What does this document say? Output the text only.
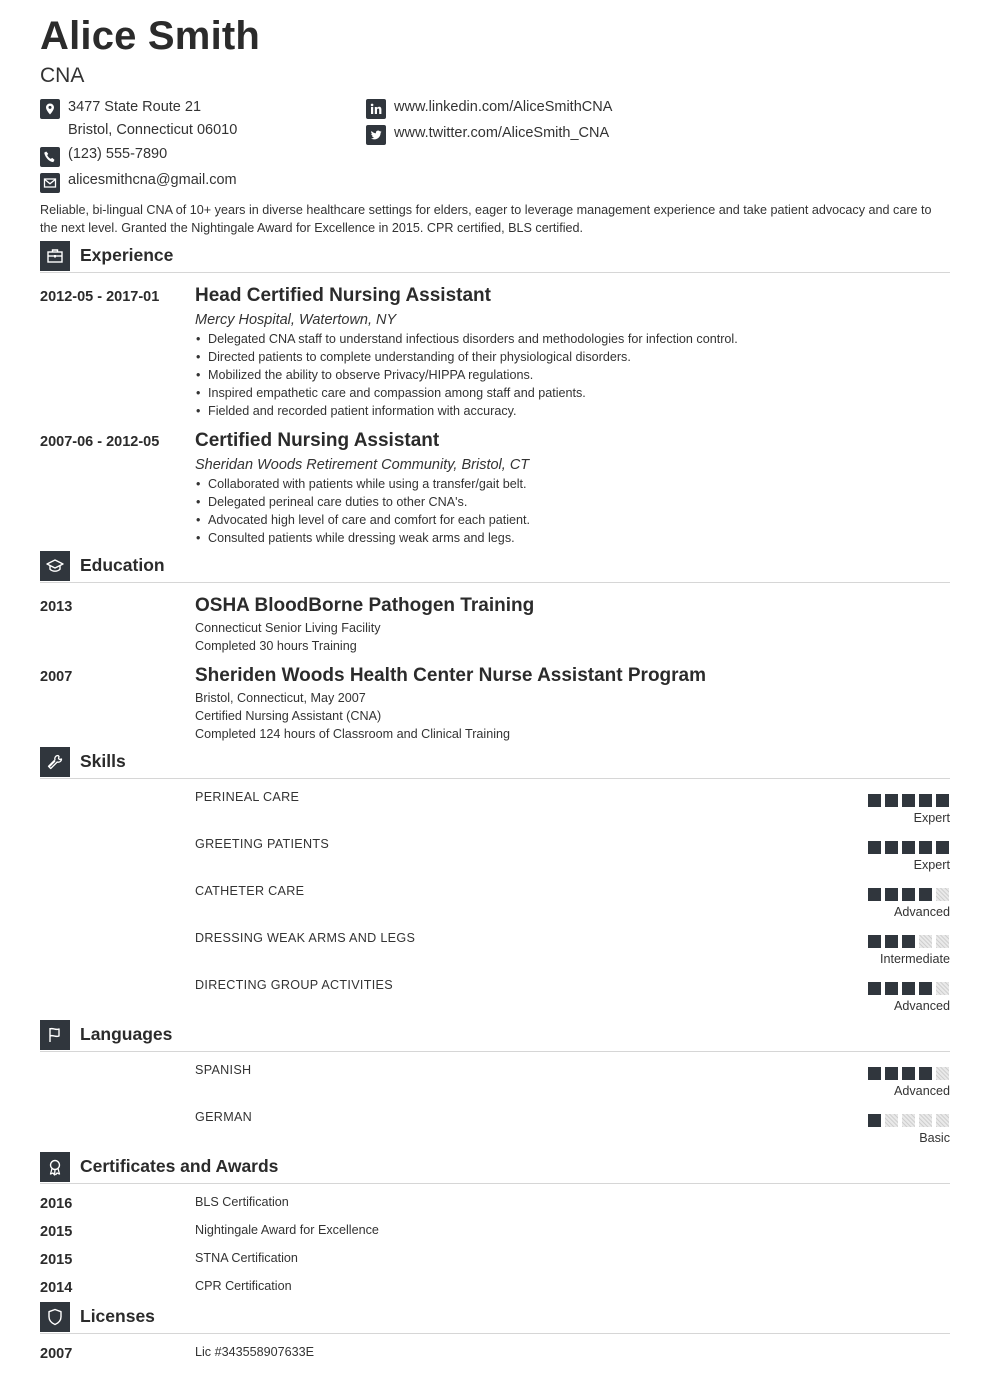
Alice Smith
CNA
3477 State Route 21
Bristol, Connecticut 06010
(123) 555-7890
alicesmithcna@gmail.com
www.linkedin.com/AliceSmithCNA
www.twitter.com/AliceSmith_CNA
Reliable, bi-lingual CNA of 10+ years in diverse healthcare settings for elders, eager to leverage management experience and take patient advocacy and care to the next level. Granted the Nightingale Award for Excellence in 2015. CPR certified, BLS certified.
Experience
2012-05 - 2017-01 Head Certified Nursing Assistant
Mercy Hospital, Watertown, NY
• Delegated CNA staff to understand infectious disorders and methodologies for infection control.
• Directed patients to complete understanding of their physiological disorders.
• Mobilized the ability to observe Privacy/HIPPA regulations.
• Inspired empathetic care and compassion among staff and patients.
• Fielded and recorded patient information with accuracy.
2007-06 - 2012-05 Certified Nursing Assistant
Sheridan Woods Retirement Community, Bristol, CT
• Collaborated with patients while using a transfer/gait belt.
• Delegated perineal care duties to other CNA's.
• Advocated high level of care and comfort for each patient.
• Consulted patients while dressing weak arms and legs.
Education
2013	OSHA BloodBorne Pathogen Training
Connecticut Senior Living Facility
Completed 30 hours Training
2007	Sheriden Woods Health Center Nurse Assistant Program
Bristol, Connecticut, May 2007
Certified Nursing Assistant (CNA)
Completed 124 hours of Classroom and Clinical Training
Skills
PERINEAL CARE
Expert
GREETING PATIENTS
Expert
CATHETER CARE
Advanced
DRESSING WEAK ARMS AND LEGS
Intermediate
DIRECTING GROUP ACTIVITIES
Advanced
Languages
SPANISH
Advanced
GERMAN
Basic
Certificates and Awards
2016	BLS Certification
2015	Nightingale Award for Excellence
2015	STNA Certification
2014	CPR Certification
Licenses
2007	Lic #343558907633E
